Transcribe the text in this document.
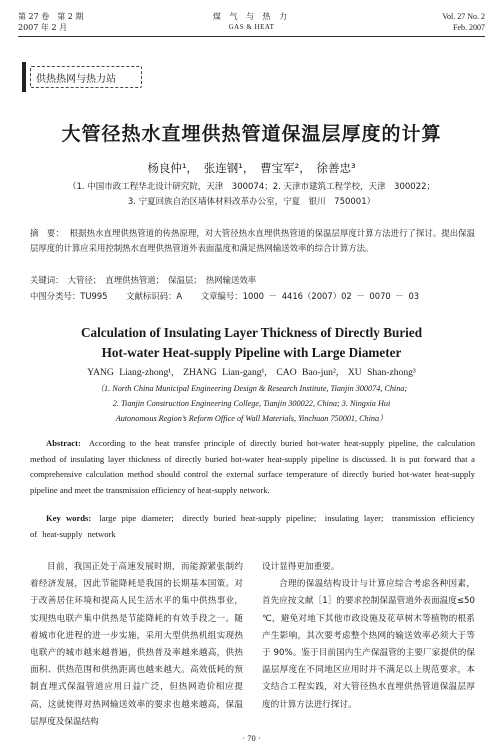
第 27 卷　第 2 期
2007 年 2 月
煤 气 与 热 力
GAS & HEAT
Vol. 27 No. 2
Feb. 2007
供热热网与热力站
大管径热水直埋供热管道保温层厚度的计算
杨良仲¹，　张连钢¹，　曹宝军²，　徐善忠³
（1. 中国市政工程华北设计研究院，天津　300074；2. 天津市建筑工程学校，天津　300022；
3. 宁夏回族自治区墙体材料改革办公室，宁夏　银川　750001）
摘　要： 根据热水直埋供热管道的传热原理，对大管径热水直埋供热管道的保温层厚度计算方法进行了探讨。提出保温层厚度的计算应采用控制热水直埋供热管道外表面温度和满足热网输送效率的综合计算方法。
关键词：　大管径；　直埋供热管道；　保温层；　热网输送效率
中图分类号：TU995 文献标识码：A 文章编号：1000 － 4416（2007）02 － 0070 － 03
Calculation of Insulating Layer Thickness of Directly Buried
Hot-water Heat-supply Pipeline with Large Diameter
YANG Liang-zhong¹,　ZHANG Lian-gang¹,　CAO Bao-jun²,　XU Shan-zhong³
（1. North China Municipal Engineering Design & Research Institute, Tianjin 300074, China;
2. Tianjin Construction Engineering College, Tianjin 300022, China; 3. Ningxia Hui
Autonomous Region’s Reform Office of Wall Materials, Yinchuan 750001, China）
Abstract: According to the heat transfer principle of directly buried hot-water heat-supply pipeline, the calculation method of insulating layer thickness of directly buried hot-water heat-supply pipeline is discussed. It is put forward that a comprehensive calculation method should control the external surface temperature of directly buried hot-water heat-supply pipeline and meet the transmission efficiency of heat-supply network.
Key words: large pipe diameter;　directly buried heat-supply pipeline;　insulating layer;　transmission efficiency of heat-supply network

目前，我国正处于高速发展时期，而能源紧张制约着经济发展，因此节能降耗是我国的长期基本国策。对于改善居住环境和提高人民生活水平的集中供热事业，实现热电联产集中供热是节能降耗的有效手段之一。随着城市化进程的进一步实施，采用大型供热机组实现热电联产的城市越来越普遍，供热普及率越来越高，供热面积、供热范围和供热距离也越来越大。高效低耗的预制直埋式保温管道应用日益广泛，但热网造价相应提高，这就使得对热网输送效率的要求也越来越高，保温层厚度及保温结构

设计显得更加重要。

合理的保温结构设计与计算应综合考虑各种因素，首先应按文献［1］的要求控制保温管道外表面温度≤50 ℃，避免对地下其他市政设施及花草树木等植物的根系产生影响，其次要考虑整个热网的输送效率必须大于等于 90%。鉴于目前国内生产保温管的主要厂家提供的保温层厚度在不同地区应用时并不满足以上规范要求，本文结合工程实践，对大管径热水直埋供热管道保温层厚度的计算方法进行探讨。

· 70 ·
